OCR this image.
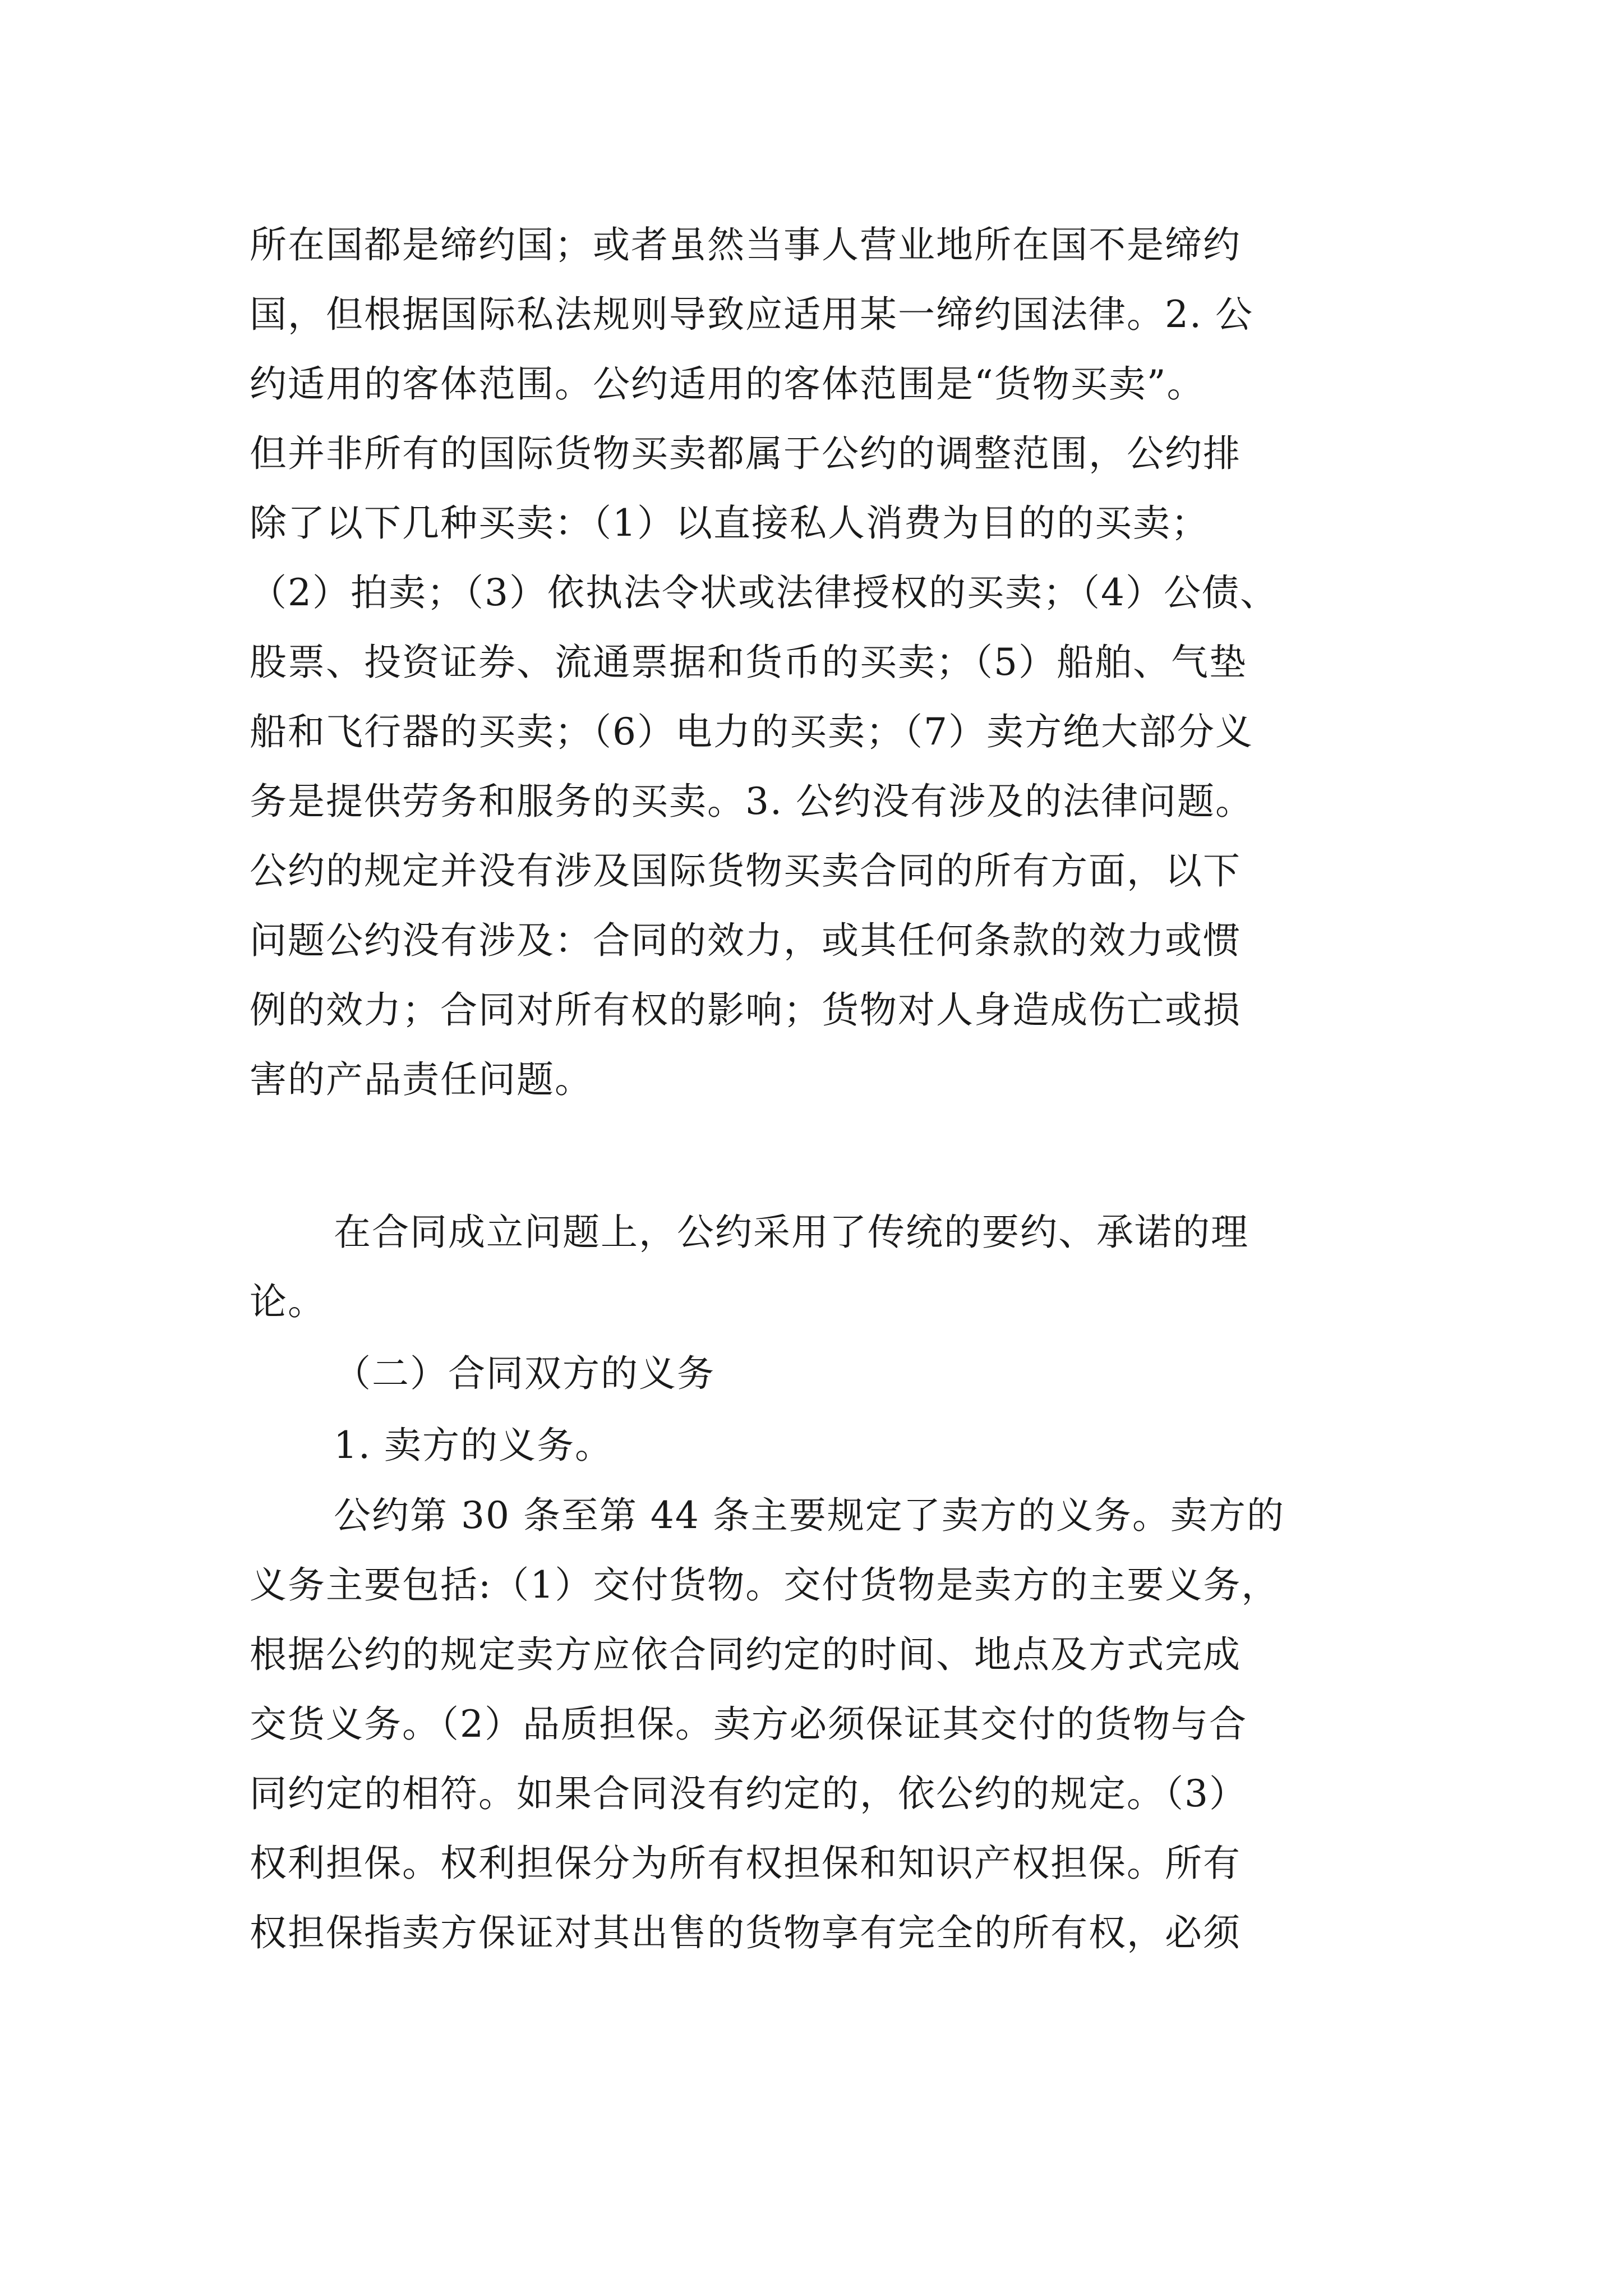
所在国都是缔约国；或者虽然当事人营业地所在国不是缔约
国，但根据国际私法规则导致应适用某一缔约国法律。2. 公
约适用的客体范围。公约适用的客体范围是“货物买卖”。
但并非所有的国际货物买卖都属于公约的调整范围，公约排
除了以下几种买卖：（1）以直接私人消费为目的的买卖；
（2）拍卖；（3）依执法令状或法律授权的买卖；（4）公债、
股票、投资证券、流通票据和货币的买卖；（5）船舶、气垫
船和飞行器的买卖；（6）电力的买卖；（7）卖方绝大部分义
务是提供劳务和服务的买卖。3. 公约没有涉及的法律问题。
公约的规定并没有涉及国际货物买卖合同的所有方面，以下
问题公约没有涉及：合同的效力，或其任何条款的效力或惯
例的效力；合同对所有权的影响；货物对人身造成伤亡或损
害的产品责任问题。
在合同成立问题上，公约采用了传统的要约、承诺的理
论。
（二）合同双方的义务
1. 卖方的义务。
公约第 30 条至第 44 条主要规定了卖方的义务。卖方的
义务主要包括:（1）交付货物。交付货物是卖方的主要义务，
根据公约的规定卖方应依合同约定的时间、地点及方式完成
交货义务。（2）品质担保。卖方必须保证其交付的货物与合
同约定的相符。如果合同没有约定的，依公约的规定。（3）
权利担保。权利担保分为所有权担保和知识产权担保。所有
权担保指卖方保证对其出售的货物享有完全的所有权，必须
